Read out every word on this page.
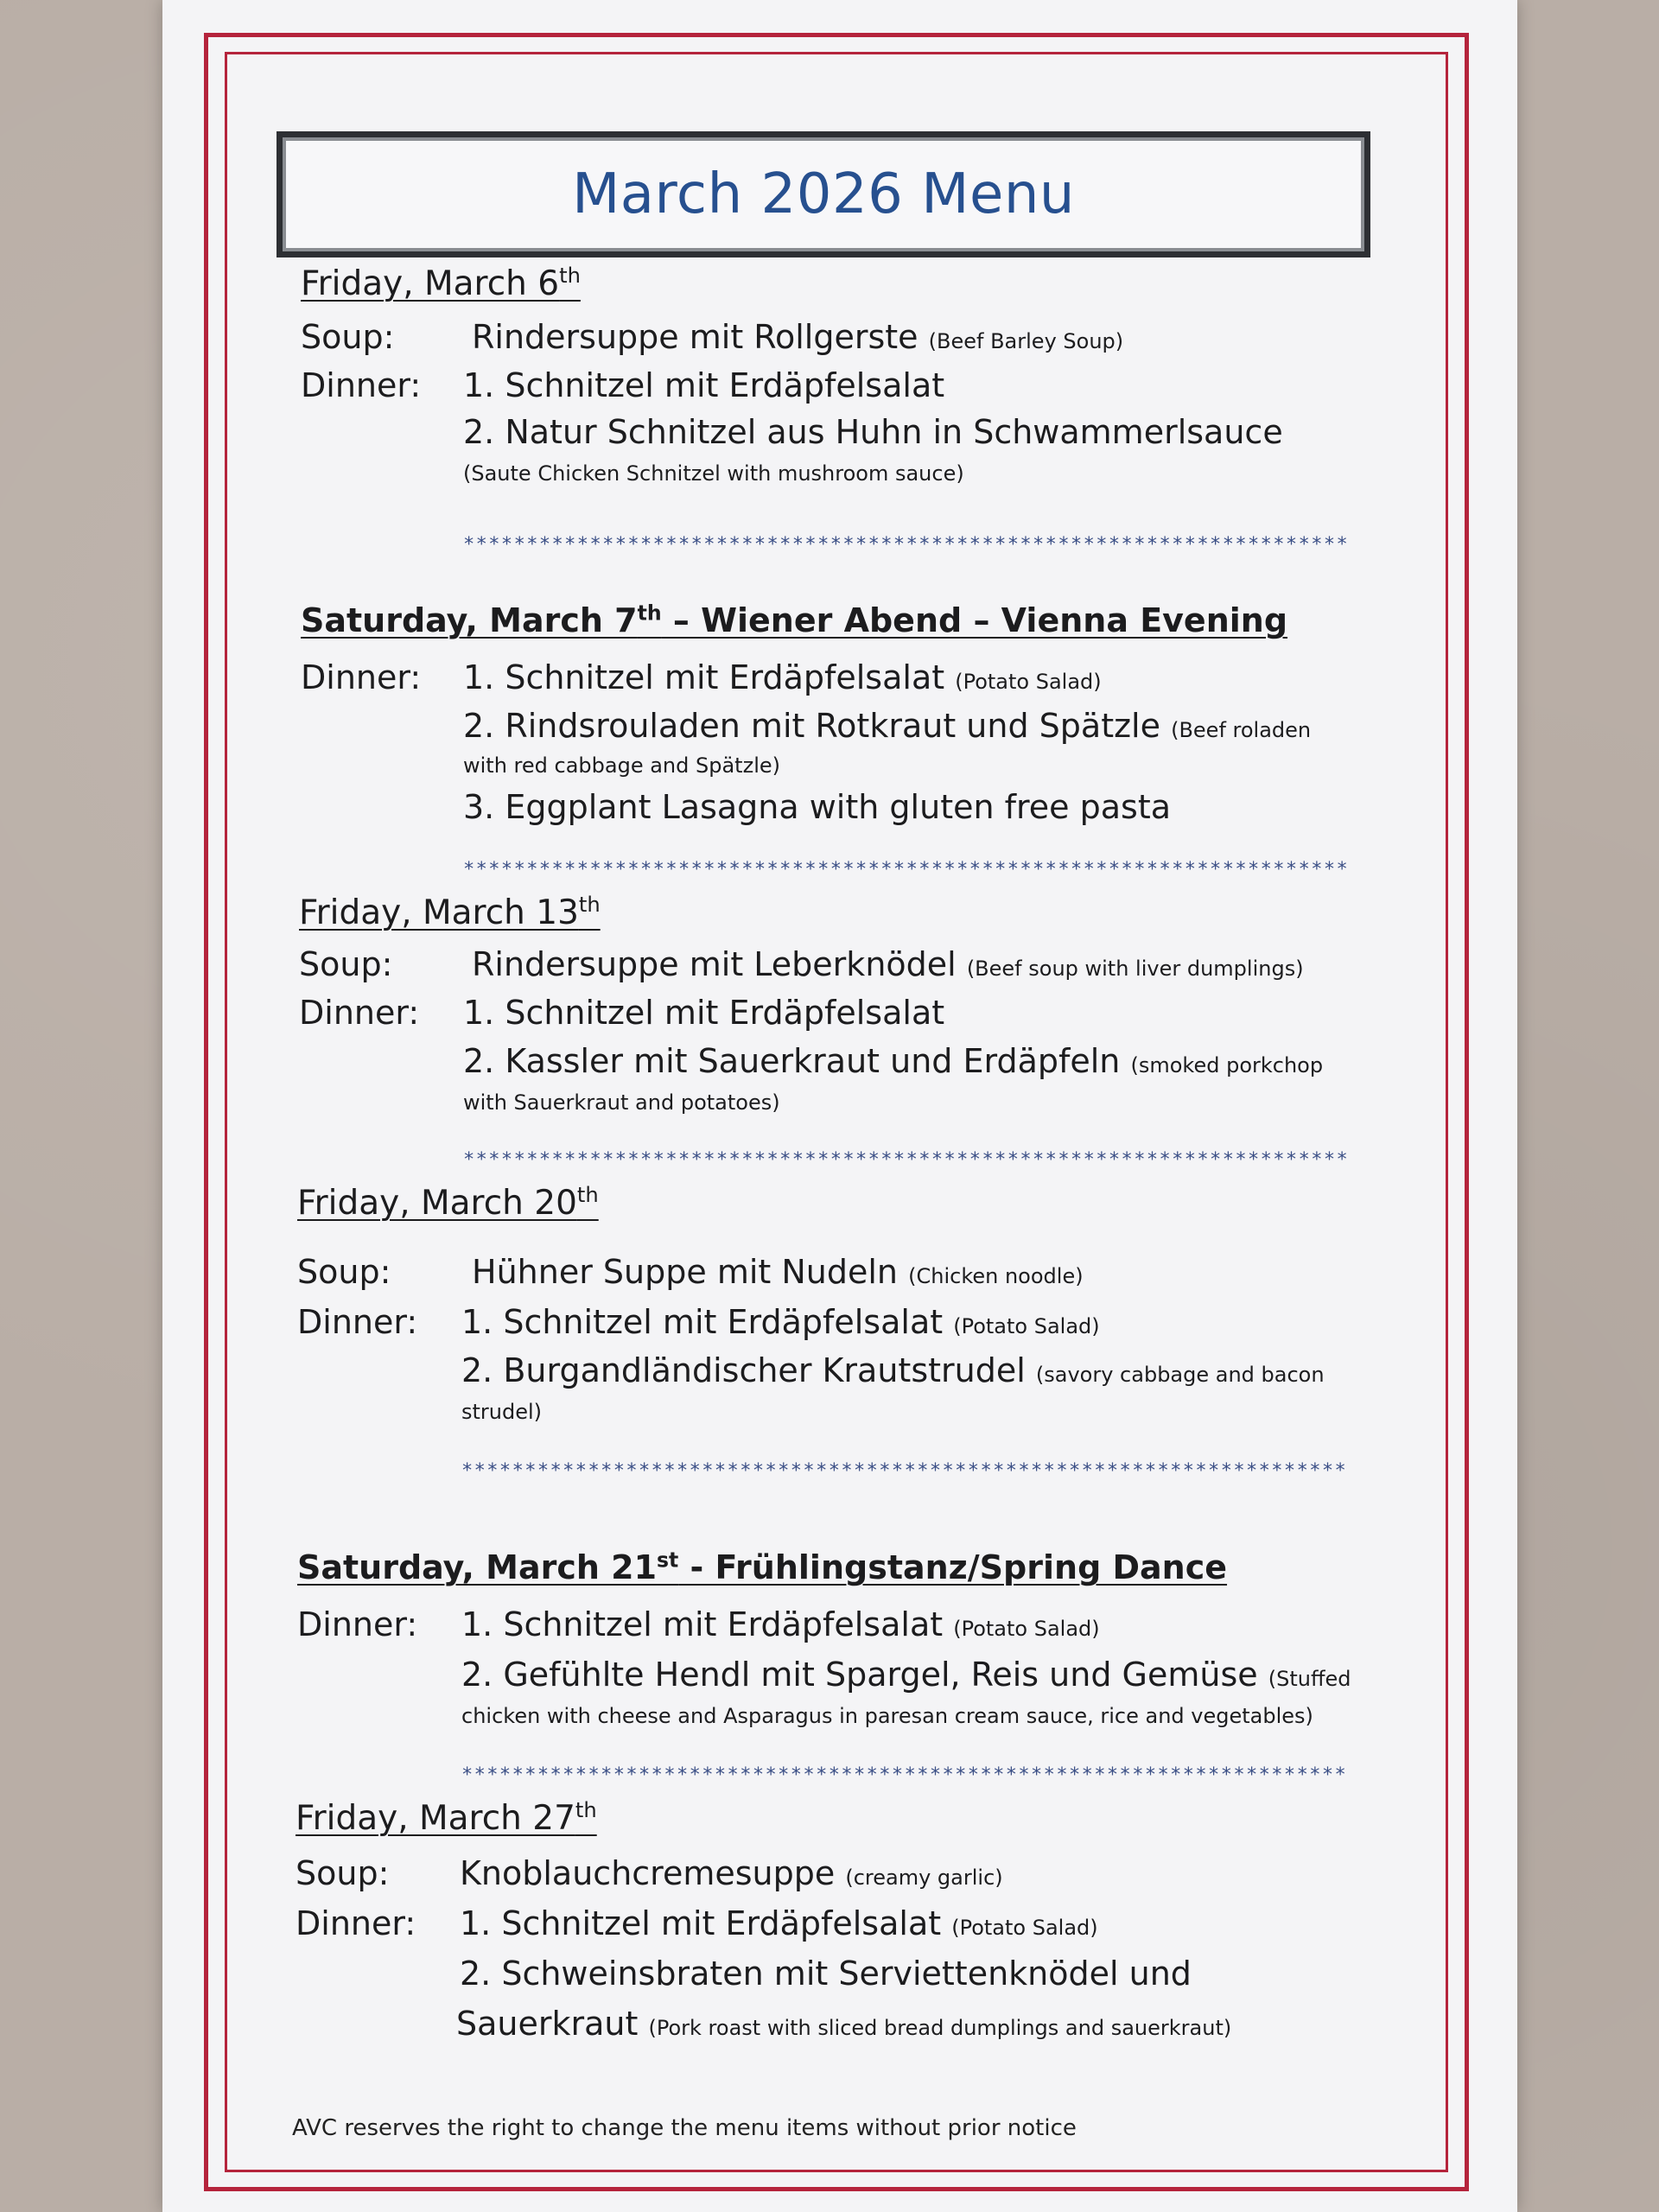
March 2026 Menu
Friday, March 6th
Soup: Rindersuppe mit Rollgerste (Beef Barley Soup)
Dinner: 1. Schnitzel mit Erdäpfelsalat
2. Natur Schnitzel aus Huhn in Schwammerlsauce
(Saute Chicken Schnitzel with mushroom sauce)
**********************************************************************
Saturday, March 7th – Wiener Abend – Vienna Evening
Dinner: 1. Schnitzel mit Erdäpfelsalat (Potato Salad)
2. Rindsrouladen mit Rotkraut und Spätzle (Beef roladen
with red cabbage and Spätzle)
3. Eggplant Lasagna with gluten free pasta
**********************************************************************
Friday, March 13th
Soup: Rindersuppe mit Leberknödel (Beef soup with liver dumplings)
Dinner: 1. Schnitzel mit Erdäpfelsalat
2. Kassler mit Sauerkraut und Erdäpfeln (smoked porkchop
with Sauerkraut and potatoes)
**********************************************************************
Friday, March 20th
Soup: Hühner Suppe mit Nudeln (Chicken noodle)
Dinner: 1. Schnitzel mit Erdäpfelsalat (Potato Salad)
2. Burgandländischer Krautstrudel (savory cabbage and bacon
strudel)
**********************************************************************
Saturday, March 21st - Frühlingstanz/Spring Dance
Dinner: 1. Schnitzel mit Erdäpfelsalat (Potato Salad)
2. Gefühlte Hendl mit Spargel, Reis und Gemüse (Stuffed
chicken with cheese and Asparagus in paresan cream sauce, rice and vegetables)
**********************************************************************
Friday, March 27th
Soup: Knoblauchcremesuppe (creamy garlic)
Dinner: 1. Schnitzel mit Erdäpfelsalat (Potato Salad)
2. Schweinsbraten mit Serviettenknödel und
Sauerkraut (Pork roast with sliced bread dumplings and sauerkraut)
AVC reserves the right to change the menu items without prior notice
